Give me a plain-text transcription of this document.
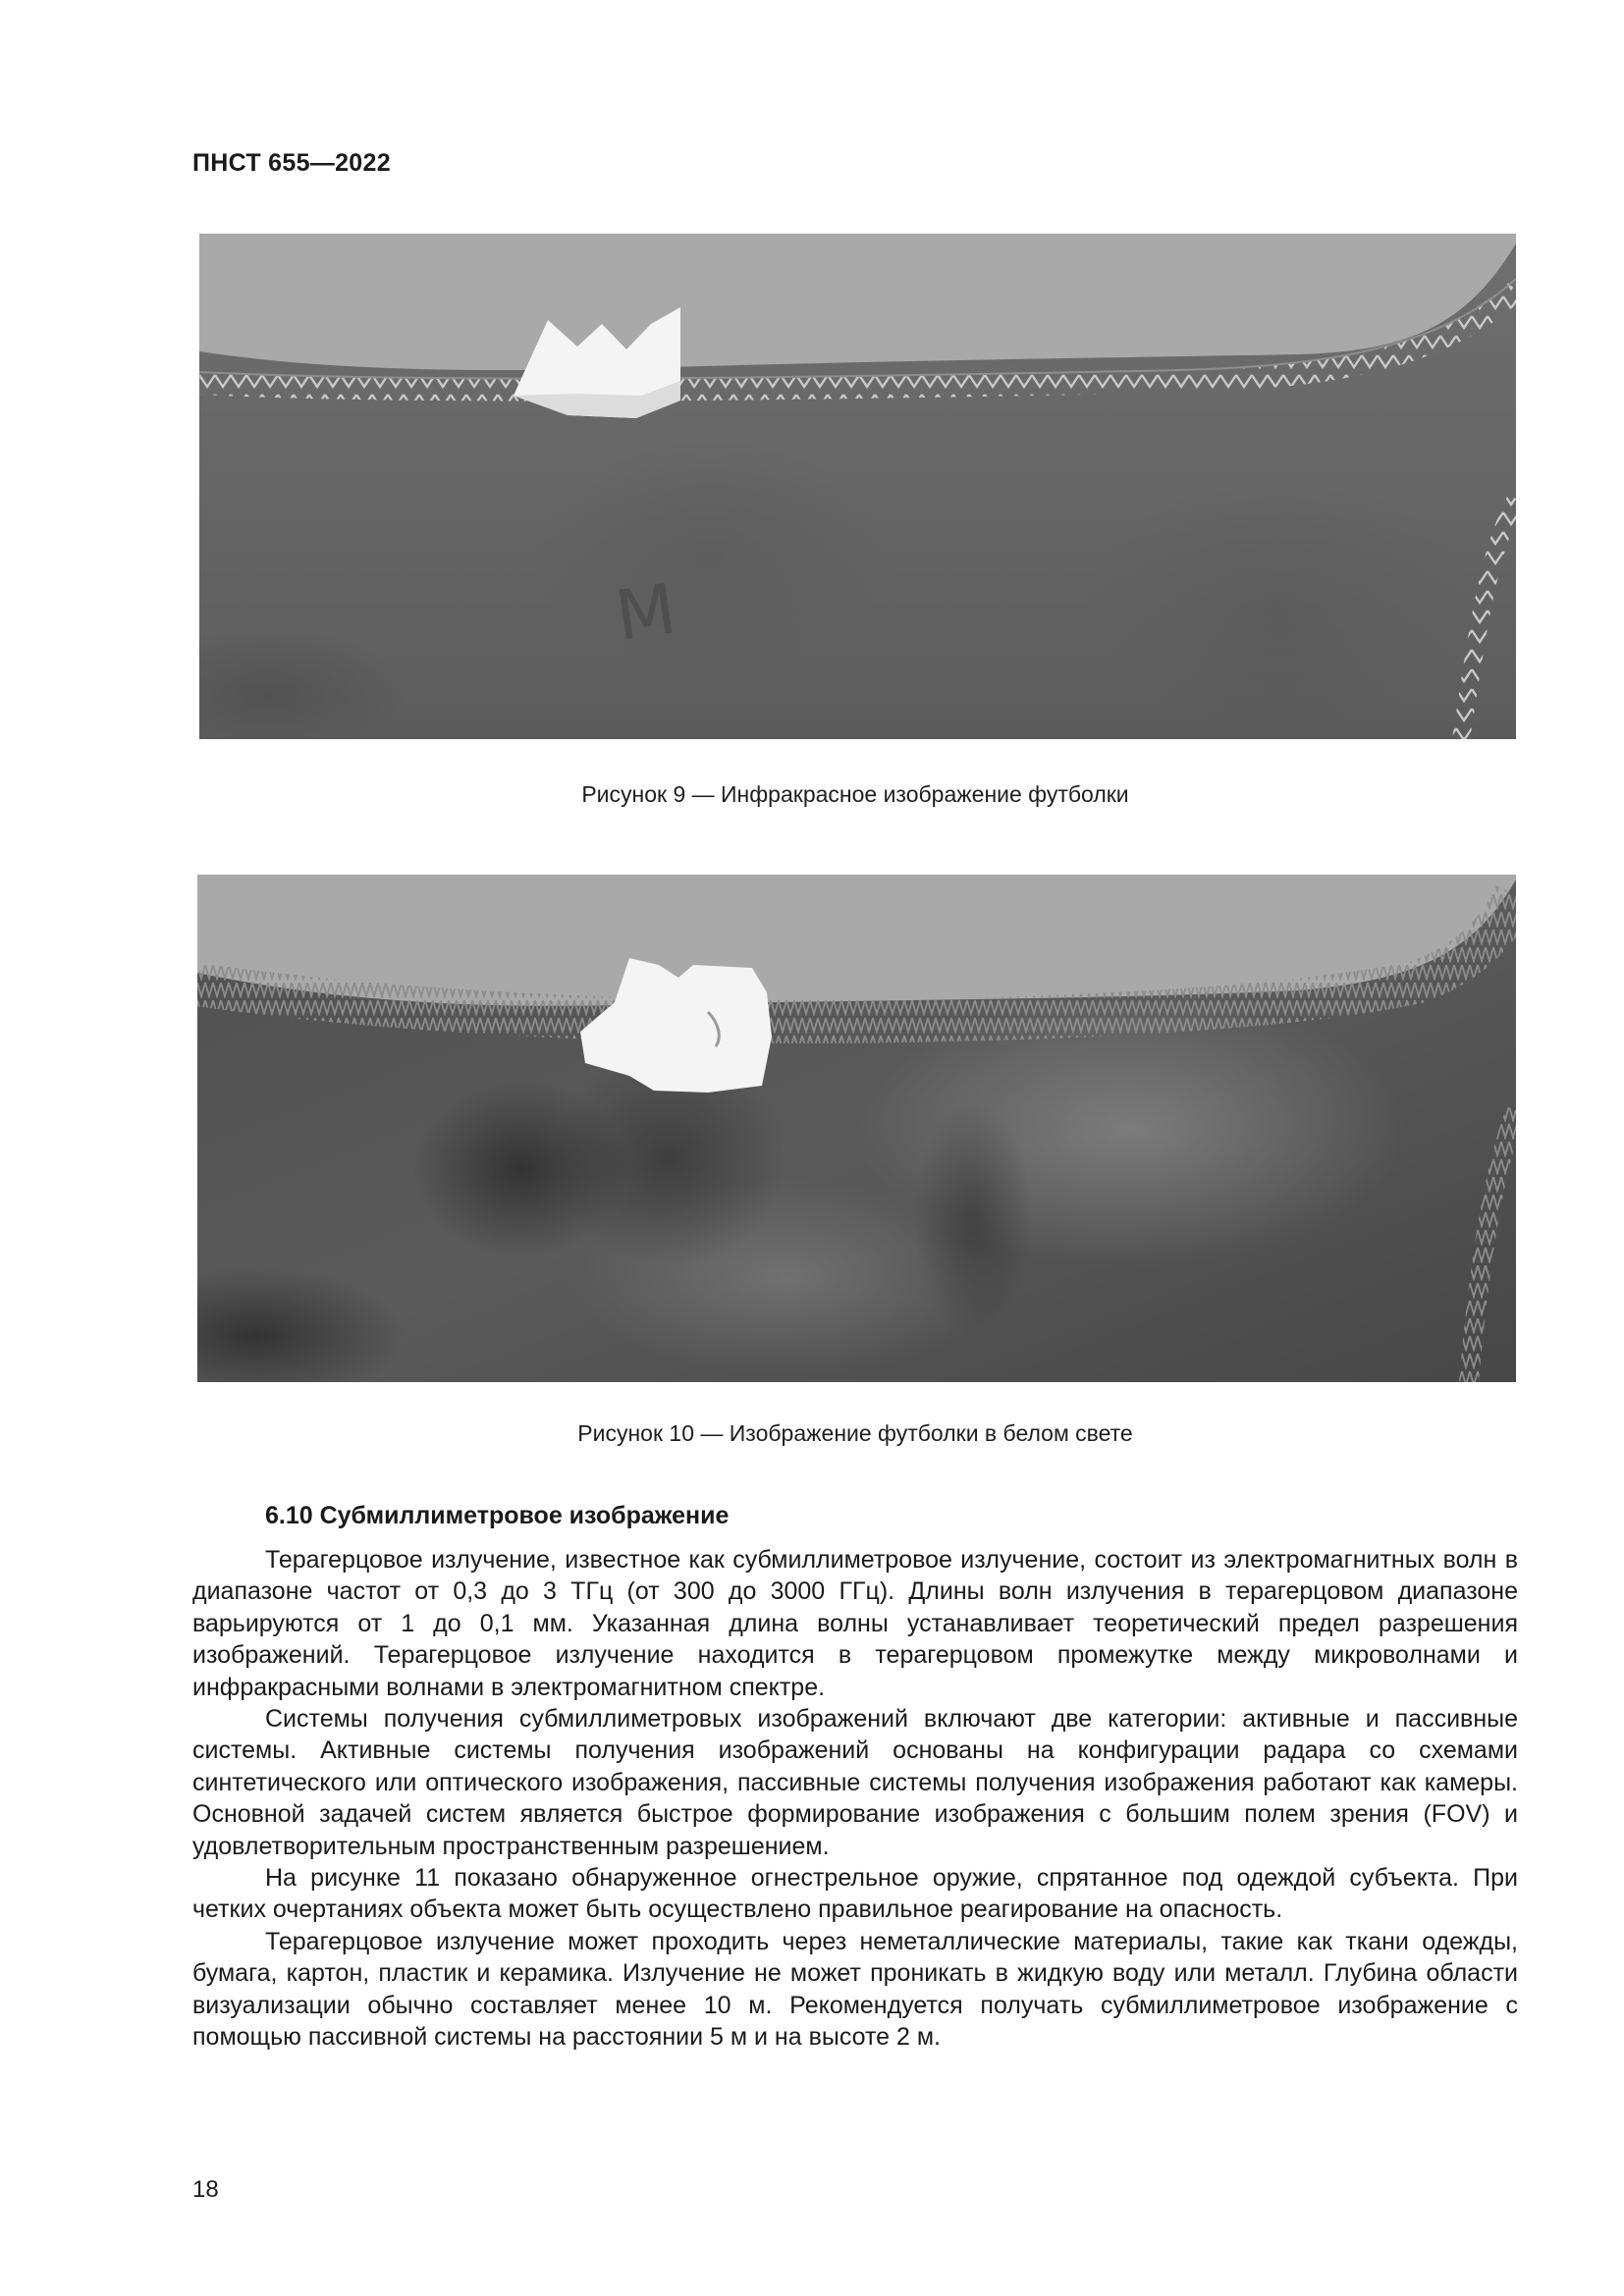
ПНСТ 655—2022
M
Рисунок 9 — Инфракрасное изображение футболки
Рисунок 10 — Изображение футболки в белом свете
6.10 Субмиллиметровое изображение

Терагерцовое излучение, известное как субмиллиметровое излучение, состоит из электромагнитных волн в диапазоне частот от 0,3 до 3 ТГц (от 300 до 3000 ГГц). Длины волн излучения в терагерцовом диапазоне варьируются от 1 до 0,1 мм. Указанная длина волны устанавливает теоретический предел разрешения изображений. Терагерцовое излучение находится в терагерцовом промежутке между микроволнами и инфракрасными волнами в электромагнитном спектре.

Системы получения субмиллиметровых изображений включают две категории: активные и пассивные системы. Активные системы получения изображений основаны на конфигурации радара со схемами синтетического или оптического изображения, пассивные системы получения изображения работают как камеры. Основной задачей систем является быстрое формирование изображения с большим полем зрения (FOV) и удовлетворительным пространственным разрешением.

На рисунке 11 показано обнаруженное огнестрельное оружие, спрятанное под одеждой субъекта. При четких очертаниях объекта может быть осуществлено правильное реагирование на опасность.

Терагерцовое излучение может проходить через неметаллические материалы, такие как ткани одежды, бумага, картон, пластик и керамика. Излучение не может проникать в жидкую воду или металл. Глубина области визуализации обычно составляет менее 10 м. Рекомендуется получать субмиллиметровое изображение с помощью пассивной системы на расстоянии 5 м и на высоте 2 м.

18
